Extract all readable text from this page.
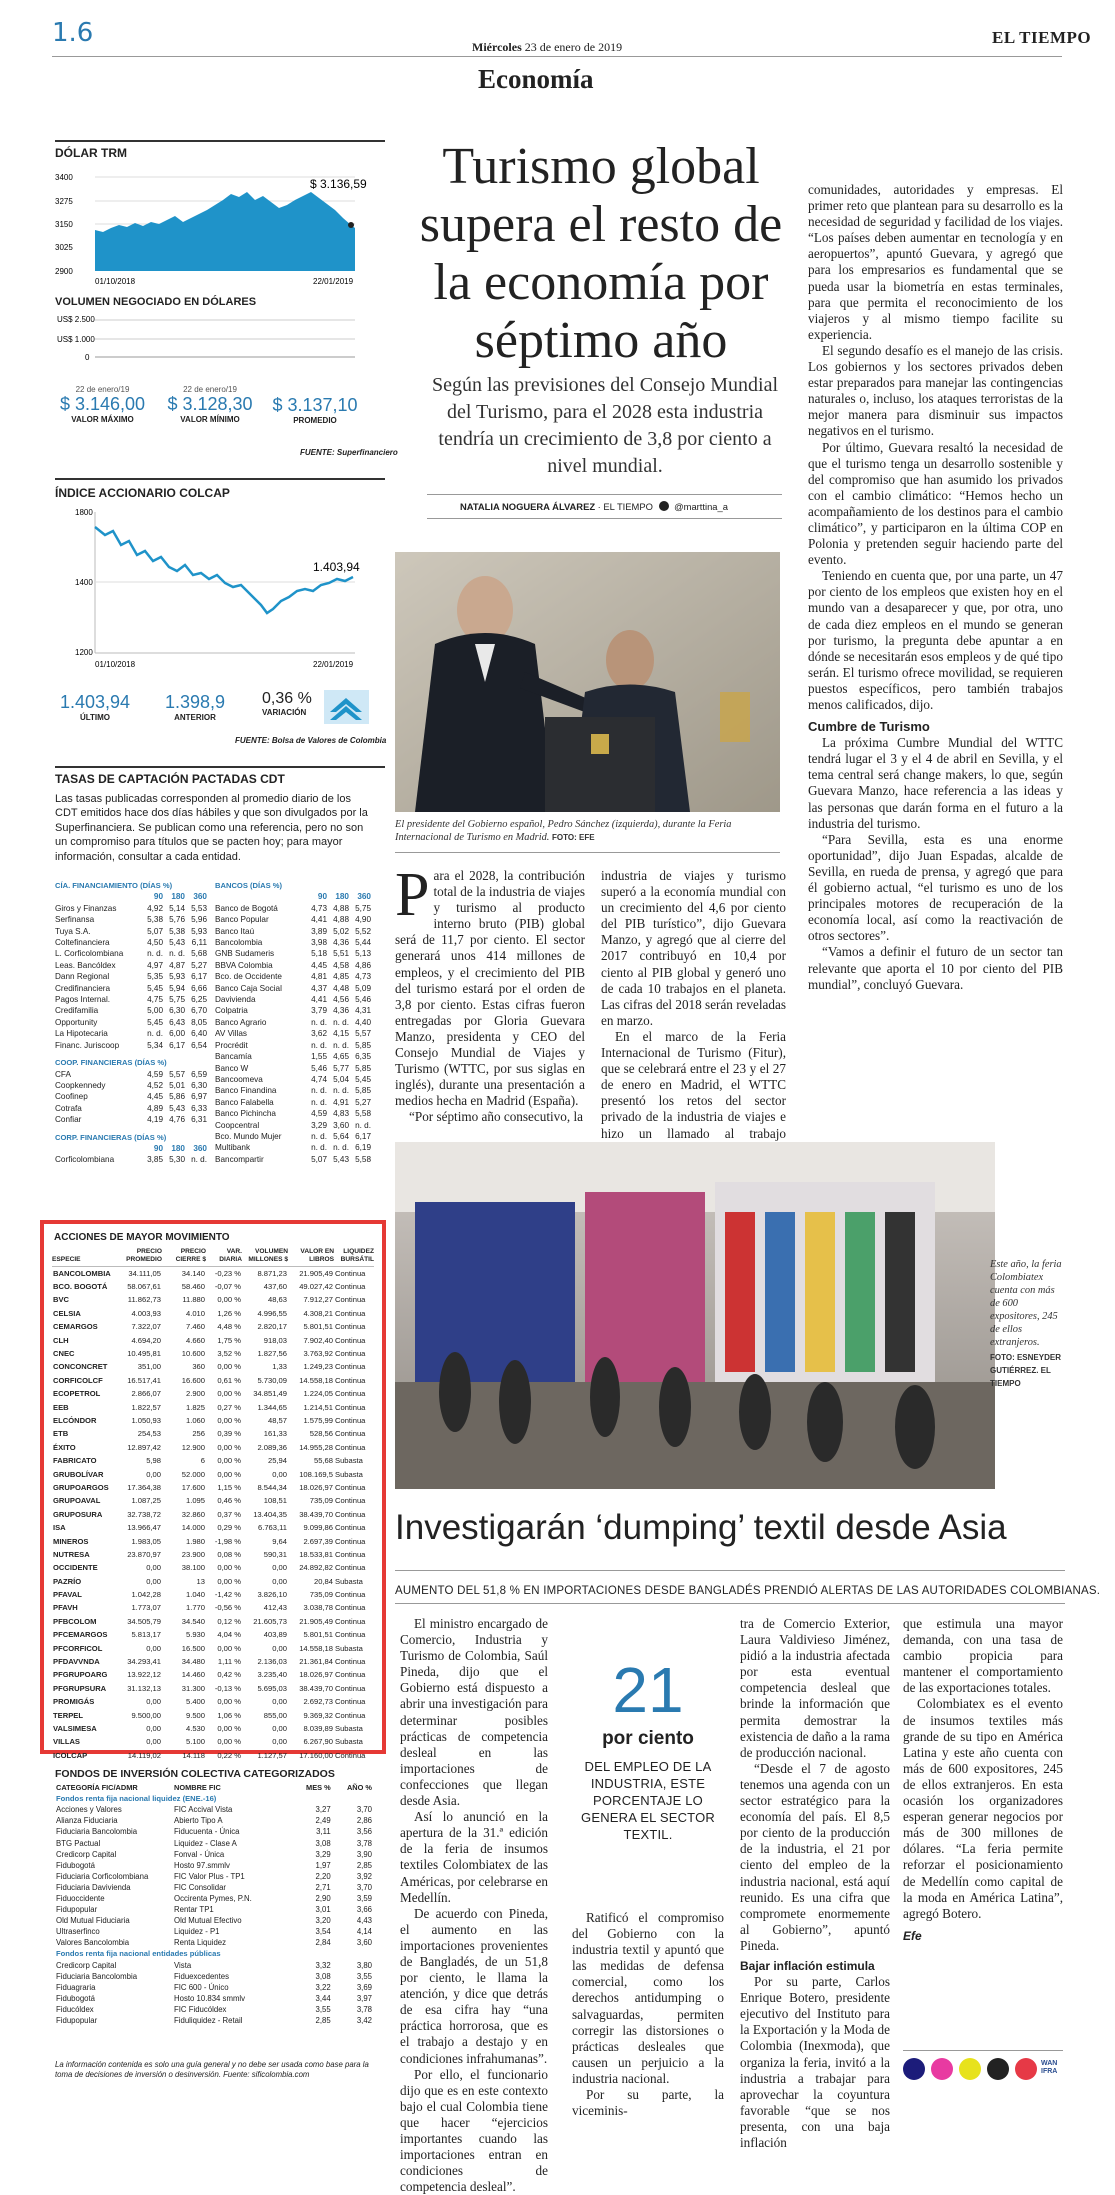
1.6	Miércoles 23 de enero de 2019	EL TIEMPO
Economía
DÓLAR TRM
3400
3275
3150
3025
2900
$ 3.136,59
01/10/2018	22/01/2019
VOLUMEN NEGOCIADO EN DÓLARES
US$ 2.500
US$ 1.000
0
22 de enero/19
$ 3.146,00
VALOR MÁXIMO
22 de enero/19
$ 3.128,30
VALOR MÍNIMO
$ 3.137,10
PROMEDIO
FUENTE: Superfinanciero
ÍNDICE ACCIONARIO COLCAP
1800
1400
1200
1.403,94
01/10/2018	22/01/2019
1.403,94
ÚLTIMO
1.398,9
ANTERIOR
0,36 %
VARIACIÓN
FUENTE: Bolsa de Valores de Colombia
TASAS DE CAPTACIÓN PACTADAS CDT
Las tasas publicadas corresponden al promedio diario de los CDT emitidos hace dos días hábiles y que son divulgados por la Superfinanciera. Se publican como una referencia, pero no son un compromiso para títulos que se pacten hoy; para mayor información, consultar a cada entidad.
CÍA. FINANCIAMIENTO (DÍAS %)
90	180	360
Giros y Finanzas	4,92 5,14 5,53
Serfinansa	5,38 5,76 5,96
Tuya S.A.	5,07 5,38 5,93
Coltefinanciera	4,50 5,43 6,11
L. Corficolombiana	n. d. n. d. 5,68
Leas. Bancóldex	4,97 4,87 5,27
Dann Regional	5,35 5,93 6,17
Credifinanciera	5,45 5,94 6,66
Pagos Internal.	4,75 5,75 6,25
Credifamilia	5,00 6,30 6,70
Opportunity	5,45 6,43 8,05
La Hipotecaria	n. d. 6,00 6,40
Financ. Juriscoop	5,34 6,17 6,54
COOP. FINANCIERAS (DÍAS %)
CFA	4,59 5,57 6,59
Coopkennedy	4,52 5,01 6,30
Coofinep	4,45 5,86 6,97
Cotrafa	4,89 5,43 6,33
Confiar	4,19 4,76 6,31
CORP. FINANCIERAS (DÍAS %)
90	180	360
Corficolombiana	3,85 5,30 n. d.
BANCOS (DÍAS %)
90	180	360
Banco de Bogotá	4,73 4,88 5,75
Banco Popular	4,41 4,88 4,90
Banco Itaú	3,89 5,02 5,52
Bancolombia	3,98 4,36 5,44
GNB Sudameris	5,18 5,51 5,13
BBVA Colombia	4,45 4,58 4,86
Bco. de Occidente	4,81 4,85 4,73
Banco Caja Social	4,37 4,48 5,09
Davivienda	4,41 4,56 5,46
Colpatria	3,79 4,36 4,31
Banco Agrario	n. d. n. d. 4,40
AV Villas	3,62 4,15 5,57
Procrédit	n. d. n. d. 5,85
Bancamía	1,55 4,65 6,35
Banco W	5,46 5,77 5,85
Bancoomeva	4,74 5,04 5,45
Banco Finandina	n. d. n. d. 5,85
Banco Falabella	n. d. 4,91 5,27
Banco Pichincha	4,59 4,83 5,58
Coopcentral	3,29 3,60 n. d.
Bco. Mundo Mujer	n. d. 5,64 6,17
Multibank	n. d. n. d. 6,19
Bancompartir	5,07 5,43 5,58
ACCIONES DE MAYOR MOVIMIENTO
ESPECIE	PRECIO PROMEDIO	PRECIO CIERRE $	VAR. DIARIA	VOLUMEN MILLONES $	VALOR EN LIBROS	LIQUIDEZ BURSÁTIL
BANCOLOMBIA	34.111,05	34.140	-0,23 %	8.871,23	21.905,49	Continua
BCO. BOGOTÁ	58.067,61	58.460	-0,07 %	437,60	49.027,42	Continua
BVC	11.862,73	11.880	0,00 %	48,63	7.912,27	Continua
CELSIA	4.003,93	4.010	1,26 %	4.996,55	4.308,21	Continua
CEMARGOS	7.322,07	7.460	4,48 %	2.820,17	5.801,51	Continua
CLH	4.694,20	4.660	1,75 %	918,03	7.902,40	Continua
CNEC	10.495,81	10.600	3,52 %	1.827,56	3.763,92	Continua
CONCONCRET	351,00	360	0,00 %	1,33	1.249,23	Continua
CORFICOLCF	16.517,41	16.600	0,61 %	5.730,09	14.558,18	Continua
ECOPETROL	2.866,07	2.900	0,00 %	34.851,49	1.224,05	Continua
EEB	1.822,57	1.825	0,27 %	1.344,65	1.214,51	Continua
ELCÓNDOR	1.050,93	1.060	0,00 %	48,57	1.575,99	Continua
ETB	254,53	256	0,39 %	161,33	528,56	Continua
ÉXITO	12.897,42	12.900	0,00 %	2.089,36	14.955,28	Continua
FABRICATO	5,98	6	0,00 %	25,94	55,68	Subasta
GRUBOLÍVAR	0,00	52.000	0,00 %	0,00	108.169,5	Subasta
GRUPOARGOS	17.364,38	17.600	1,15 %	8.544,34	18.026,97	Continua
GRUPOAVAL	1.087,25	1.095	0,46 %	108,51	735,09	Continua
GRUPOSURA	32.738,72	32.860	0,37 %	13.404,35	38.439,70	Continua
ISA	13.966,47	14.000	0,29 %	6.763,11	9.099,86	Continua
MINEROS	1.983,05	1.980	-1,98 %	9,64	2.697,39	Continua
NUTRESA	23.870,97	23.900	0,08 %	590,31	18.533,81	Continua
OCCIDENTE	0,00	38.100	0,00 %	0,00	24.892,82	Continua
PAZRÍO	0,00	13	0,00 %	0,00	20,84	Subasta
PFAVAL	1.042,28	1.040	-1,42 %	3.826,10	735,09	Continua
PFAVH	1.773,07	1.770	-0,56 %	412,43	3.038,78	Continua
PFBCOLOM	34.505,79	34.540	0,12 %	21.605,73	21.905,49	Continua
PFCEMARGOS	5.813,17	5.930	4,04 %	403,89	5.801,51	Continua
PFCORFICOL	0,00	16.500	0,00 %	0,00	14.558,18	Subasta
PFDAVVNDA	34.293,41	34.480	1,11 %	2.136,03	21.361,84	Continua
PFGRUPOARG	13.922,12	14.460	0,42 %	3.235,40	18.026,97	Continua
PFGRUPSURA	31.132,13	31.300	-0,13 %	5.695,03	38.439,70	Continua
PROMIGÁS	0,00	5.400	0,00 %	0,00	2.692,73	Continua
TERPEL	9.500,00	9.500	1,06 %	855,00	9.369,32	Continua
VALSIMESA	0,00	4.530	0,00 %	0,00	8.039,89	Subasta
VILLAS	0,00	5.100	0,00 %	0,00	6.267,90	Subasta
ICOLCAP	14.119,02	14.118	0,22 %	1.127,57	17.160,00	Continua
FONDOS DE INVERSIÓN COLECTIVA CATEGORIZADOS
CATEGORÍA FIC/ADMR	NOMBRE FIC	MES %	AÑO %
Fondos renta fija nacional liquidez (ENE.-16)			
Acciones y Valores	FIC Accival Vista	3,27	3,70
Alianza Fiduciaria	Abierto Tipo A	2,49	2,86
Fiduciaria Bancolombia	Fiducuenta - Única	3,11	3,56
BTG Pactual	Liquidez - Clase A	3,08	3,78
Credicorp Capital	Fonval - Única	3,29	3,90
Fidubogotá	Hosto 97.smmlv	1,97	2,85
Fiduciaria Corficolombiana	FIC Valor Plus - TP1	2,20	3,92
Fiduciaria Davivienda	FIC Consolidar	2,71	3,70
Fiduoccidente	Occirenta Pymes, P.N.	2,90	3,59
Fidupopular	Rentar TP1	3,01	3,66
Old Mutual Fiduciaria	Old Mutual Efectivo	3,20	4,43
Ultraserfinco	Liquidez - P1	3,54	4,14
Valores Bancolombia	Renta Liquidez	2,84	3,60
Fondos renta fija nacional entidades públicas			
Credicorp Capital	Vista	3,32	3,80
Fiduciaria Bancolombia	Fiduexcedentes	3,08	3,55
Fiduagraria	FIC 600 - Único	3,22	3,69
Fidubogotá	Hosto 10.834 smmlv	3,44	3,97
Fiducóldex	FIC Fiducóldex	3,55	3,78
Fidupopular	Fiduliquidez - Retail	2,85	3,42
La información contenida es solo una guía general y no debe ser usada como base para la toma de decisiones de inversión o desinversión. Fuente: sificolombia.com
Turismo global supera el resto de la economía por séptimo año
Según las previsiones del Consejo Mundial del Turismo, para el 2028 esta industria tendría un crecimiento de 3,8 por ciento a nivel mundial.
NATALIA NOGUERA ÁLVAREZ · EL TIEMPO @marttina_a
El presidente del Gobierno español, Pedro Sánchez (izquierda), durante la Feria Internacional de Turismo en Madrid. FOTO: EFE

Para el 2028, la contribución total de la industria de viajes y turismo al producto interno bruto (PIB) global será de 11,7 por ciento. El sector generará unos 414 millones de empleos, y el crecimiento del PIB del turismo estará por el orden de 3,8 por ciento. Estas cifras fueron entregadas por Gloria Guevara Manzo, presidenta y CEO del Consejo Mundial de Viajes y Turismo (WTTC, por sus siglas en inglés), durante una presentación a medios hecha en Madrid (España).

“Por séptimo año consecutivo, la

industria de viajes y turismo superó a la economía mundial con un crecimiento del 4,6 por ciento del PIB turístico”, dijo Guevara Manzo, y agregó que al cierre del 2017 contribuyó en 10,4 por ciento al PIB global y generó uno de cada 10 trabajos en el planeta. Las cifras del 2018 serán reveladas en marzo.

En el marco de la Feria Internacional de Turismo (Fitur), que se celebrará entre el 23 y el 27 de enero en Madrid, el WTTC presentó los retos del sector privado de la industria de viajes e hizo un llamado al trabajo

comunidades, autoridades y empresas. El primer reto que plantean para su desarrollo es la necesidad de seguridad y facilidad de los viajes. “Los países deben aumentar en tecnología y en aeropuertos”, apuntó Guevara, y agregó que para los empresarios es fundamental que se pueda usar la biometría en estas terminales, para que permita el reconocimiento de los viajeros y al mismo tiempo facilite su experiencia.

El segundo desafío es el manejo de las crisis. Los gobiernos y los sectores privados deben estar preparados para manejar las contingencias naturales o, incluso, los ataques terroristas de la mejor manera para disminuir sus impactos negativos en el turismo.

Por último, Guevara resaltó la necesidad de que el turismo tenga un desarrollo sostenible y del compromiso que han asumido los privados con el cambio climático: “Hemos hecho un acompañamiento de los destinos para el cambio climático”, y participaron en la última COP en Polonia y pretenden seguir haciendo parte del evento.

Teniendo en cuenta que, por una parte, un 47 por ciento de los empleos que existen hoy en el mundo van a desaparecer y que, por otra, uno de cada diez empleos en el mundo se generan por turismo, la pregunta debe apuntar a en dónde se necesitarán esos empleos y de qué tipo serán. El turismo ofrece movilidad, se requieren puestos específicos, pero también trabajos menos calificados, dijo.

Cumbre de Turismo

La próxima Cumbre Mundial del WTTC tendrá lugar el 3 y el 4 de abril en Sevilla, y el tema central será change makers, lo que, según Guevara Manzo, hace referencia a las ideas y las personas que darán forma en el futuro a la industria del turismo.

“Para Sevilla, esta es una enorme oportunidad”, dijo Juan Espadas, alcalde de Sevilla, en rueda de prensa, y agregó que para él gobierno actual, “el turismo es uno de los principales motores de recuperación de la economía local, así como la reactivación de otros sectores”.

“Vamos a definir el futuro de un sector tan relevante que aporta el 10 por ciento del PIB mundial”, concluyó Guevara.

Este año, la feria Colombiatex cuenta con más de 600 expositores, 245 de ellos extranjeros.
FOTO: ESNEYDER GUTIÉRREZ. EL TIEMPO
Investigarán ‘dumping’ textil desde Asia
AUMENTO DEL 51,8 % EN IMPORTACIONES DESDE BANGLADÉS PRENDIÓ ALERTAS DE LAS AUTORIDADES COLOMBIANAS.

El ministro encargado de Comercio, Industria y Turismo de Colombia, Saúl Pineda, dijo que el Gobierno está dispuesto a abrir una investigación para determinar posibles prácticas de competencia desleal en las importaciones de confecciones que llegan desde Asia.

Así lo anunció en la apertura de la 31.ª edición de la feria de insumos textiles Colombiatex de las Américas, por celebrarse en Medellín.

De acuerdo con Pineda, el aumento en las importaciones provenientes de Bangladés, de un 51,8 por ciento, le llama la atención, y dice que detrás de esa cifra hay “una práctica horrorosa, que es el trabajo a destajo y en condiciones infrahumanas”.

Por ello, el funcionario dijo que es en este contexto bajo el cual Colombia tiene que hacer “ejercicios importantes cuando las importaciones entran en condiciones de competencia desleal”.

21
por ciento
DEL EMPLEO DE LA INDUSTRIA, ESTE PORCENTAJE LO GENERA EL SECTOR TEXTIL.

Ratificó el compromiso del Gobierno con la industria textil y apuntó que las medidas de defensa comercial, como los derechos antidumping o salvaguardas, permiten corregir las distorsiones o prácticas desleales que causen un perjuicio a la industria nacional.

Por su parte, la viceminis-

tra de Comercio Exterior, Laura Valdivieso Jiménez, pidió a la industria afectada por esta eventual competencia desleal que brinde la información que permita demostrar la existencia de daño a la rama de producción nacional.

“Desde el 7 de agosto tenemos una agenda con un sector estratégico para la economía del país. El 8,5 por ciento de la producción de la industria, el 21 por ciento del empleo de la industria nacional, está aquí reunido. Es una cifra que compromete enormemente al Gobierno”, apuntó Pineda.

Bajar inflación estimula

Por su parte, Carlos Enrique Botero, presidente ejecutivo del Instituto para la Exportación y la Moda de Colombia (Inexmoda), que organiza la feria, invitó a la industria a trabajar para aprovechar la coyuntura favorable “que se nos presenta, con una baja inflación

que estimula una mayor demanda, con una tasa de cambio propicia para mantener el comportamiento de las exportaciones totales.

Colombiatex es el evento de insumos textiles más grande de su tipo en América Latina y este año cuenta con más de 600 expositores, 245 de ellos extranjeros. En esta ocasión los organizadores esperan generar negocios por más de 300 millones de dólares. “La feria permite reforzar el posicionamiento de Medellín como capital de la moda en América Latina”, agregó Botero.

Efe

WAN IFRA
